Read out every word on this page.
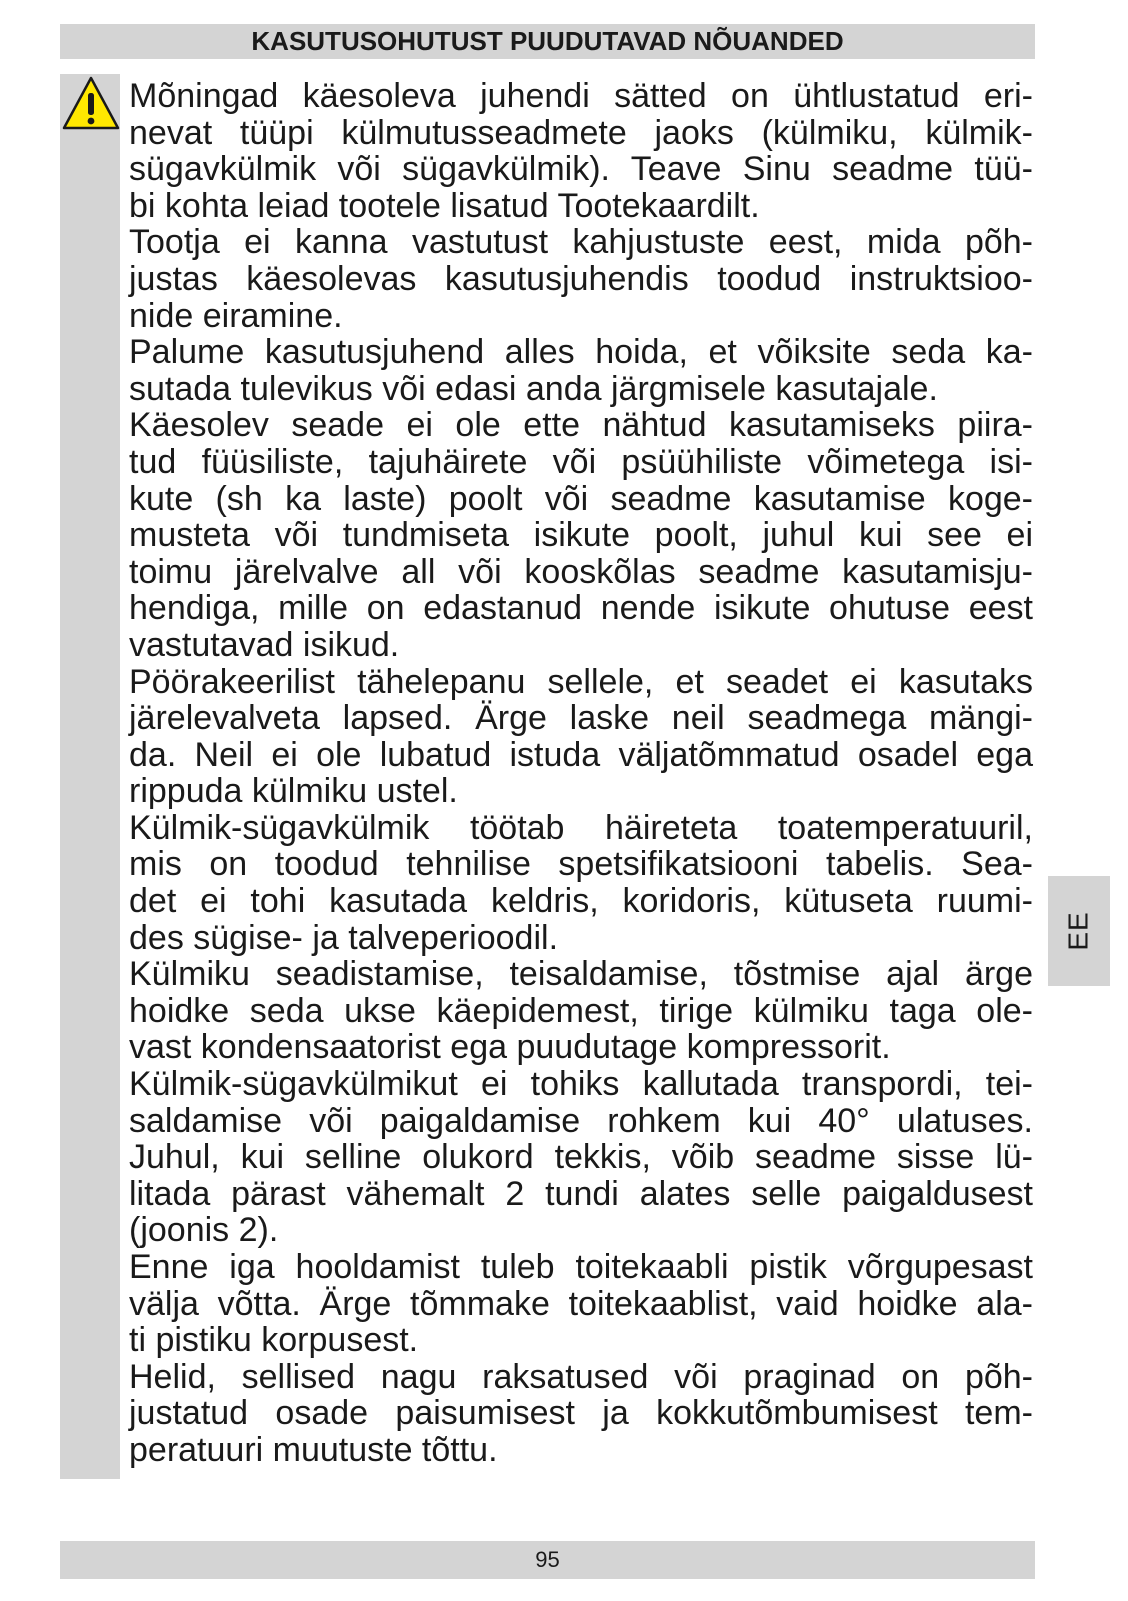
KASUTUSOHUTUST PUUDUTAVAD NÕUANDED

Mõningad käesoleva juhendi sätted on ühtlustatud eri-
nevat tüüpi külmutusseadmete jaoks (külmiku, külmik-
sügavkülmik või sügavkülmik). Teave Sinu seadme tüü-
bi kohta leiad tootele lisatud Tootekaardilt.

Tootja ei kanna vastutust kahjustuste eest, mida põh-
justas käesolevas kasutusjuhendis toodud instruktsioo-
nide eiramine.

Palume kasutusjuhend alles hoida, et võiksite seda ka-
sutada tulevikus või edasi anda järgmisele kasutajale.

Käesolev seade ei ole ette nähtud kasutamiseks piira-
tud füüsiliste, tajuhäirete või psüühiliste võimetega isi-
kute (sh ka laste) poolt või seadme kasutamise koge-
musteta või tundmiseta isikute poolt, juhul kui see ei
toimu järelvalve all või kooskõlas seadme kasutamisju-
hendiga, mille on edastanud nende isikute ohutuse eest
vastutavad isikud.

Pöörakeerilist tähelepanu sellele, et seadet ei kasutaks
järelevalveta lapsed. Ärge laske neil seadmega mängi-
da. Neil ei ole lubatud istuda väljatõmmatud osadel ega
rippuda külmiku ustel.

Külmik-sügavkülmik töötab häireteta toatemperatuuril,
mis on toodud tehnilise spetsifikatsiooni tabelis. Sea-
det ei tohi kasutada keldris, koridoris, kütuseta ruumi-
des sügise- ja talveperioodil.

Külmiku seadistamise, teisaldamise, tõstmise ajal ärge
hoidke seda ukse käepidemest, tirige külmiku taga ole-
vast kondensaatorist ega puudutage kompressorit.

Külmik-sügavkülmikut ei tohiks kallutada transpordi, tei-
saldamise või paigaldamise rohkem kui 40° ulatuses.
Juhul, kui selline olukord tekkis, võib seadme sisse lü-
litada pärast vähemalt 2 tundi alates selle paigaldusest
(joonis 2).

Enne iga hooldamist tuleb toitekaabli pistik võrgupesast
välja võtta. Ärge tõmmake toitekaablist, vaid hoidke ala-
ti pistiku korpusest.

Helid, sellised nagu raksatused või praginad on põh-
justatud osade paisumisest ja kokkutõmbumisest tem-
peratuuri muutuste tõttu.

EE
95
